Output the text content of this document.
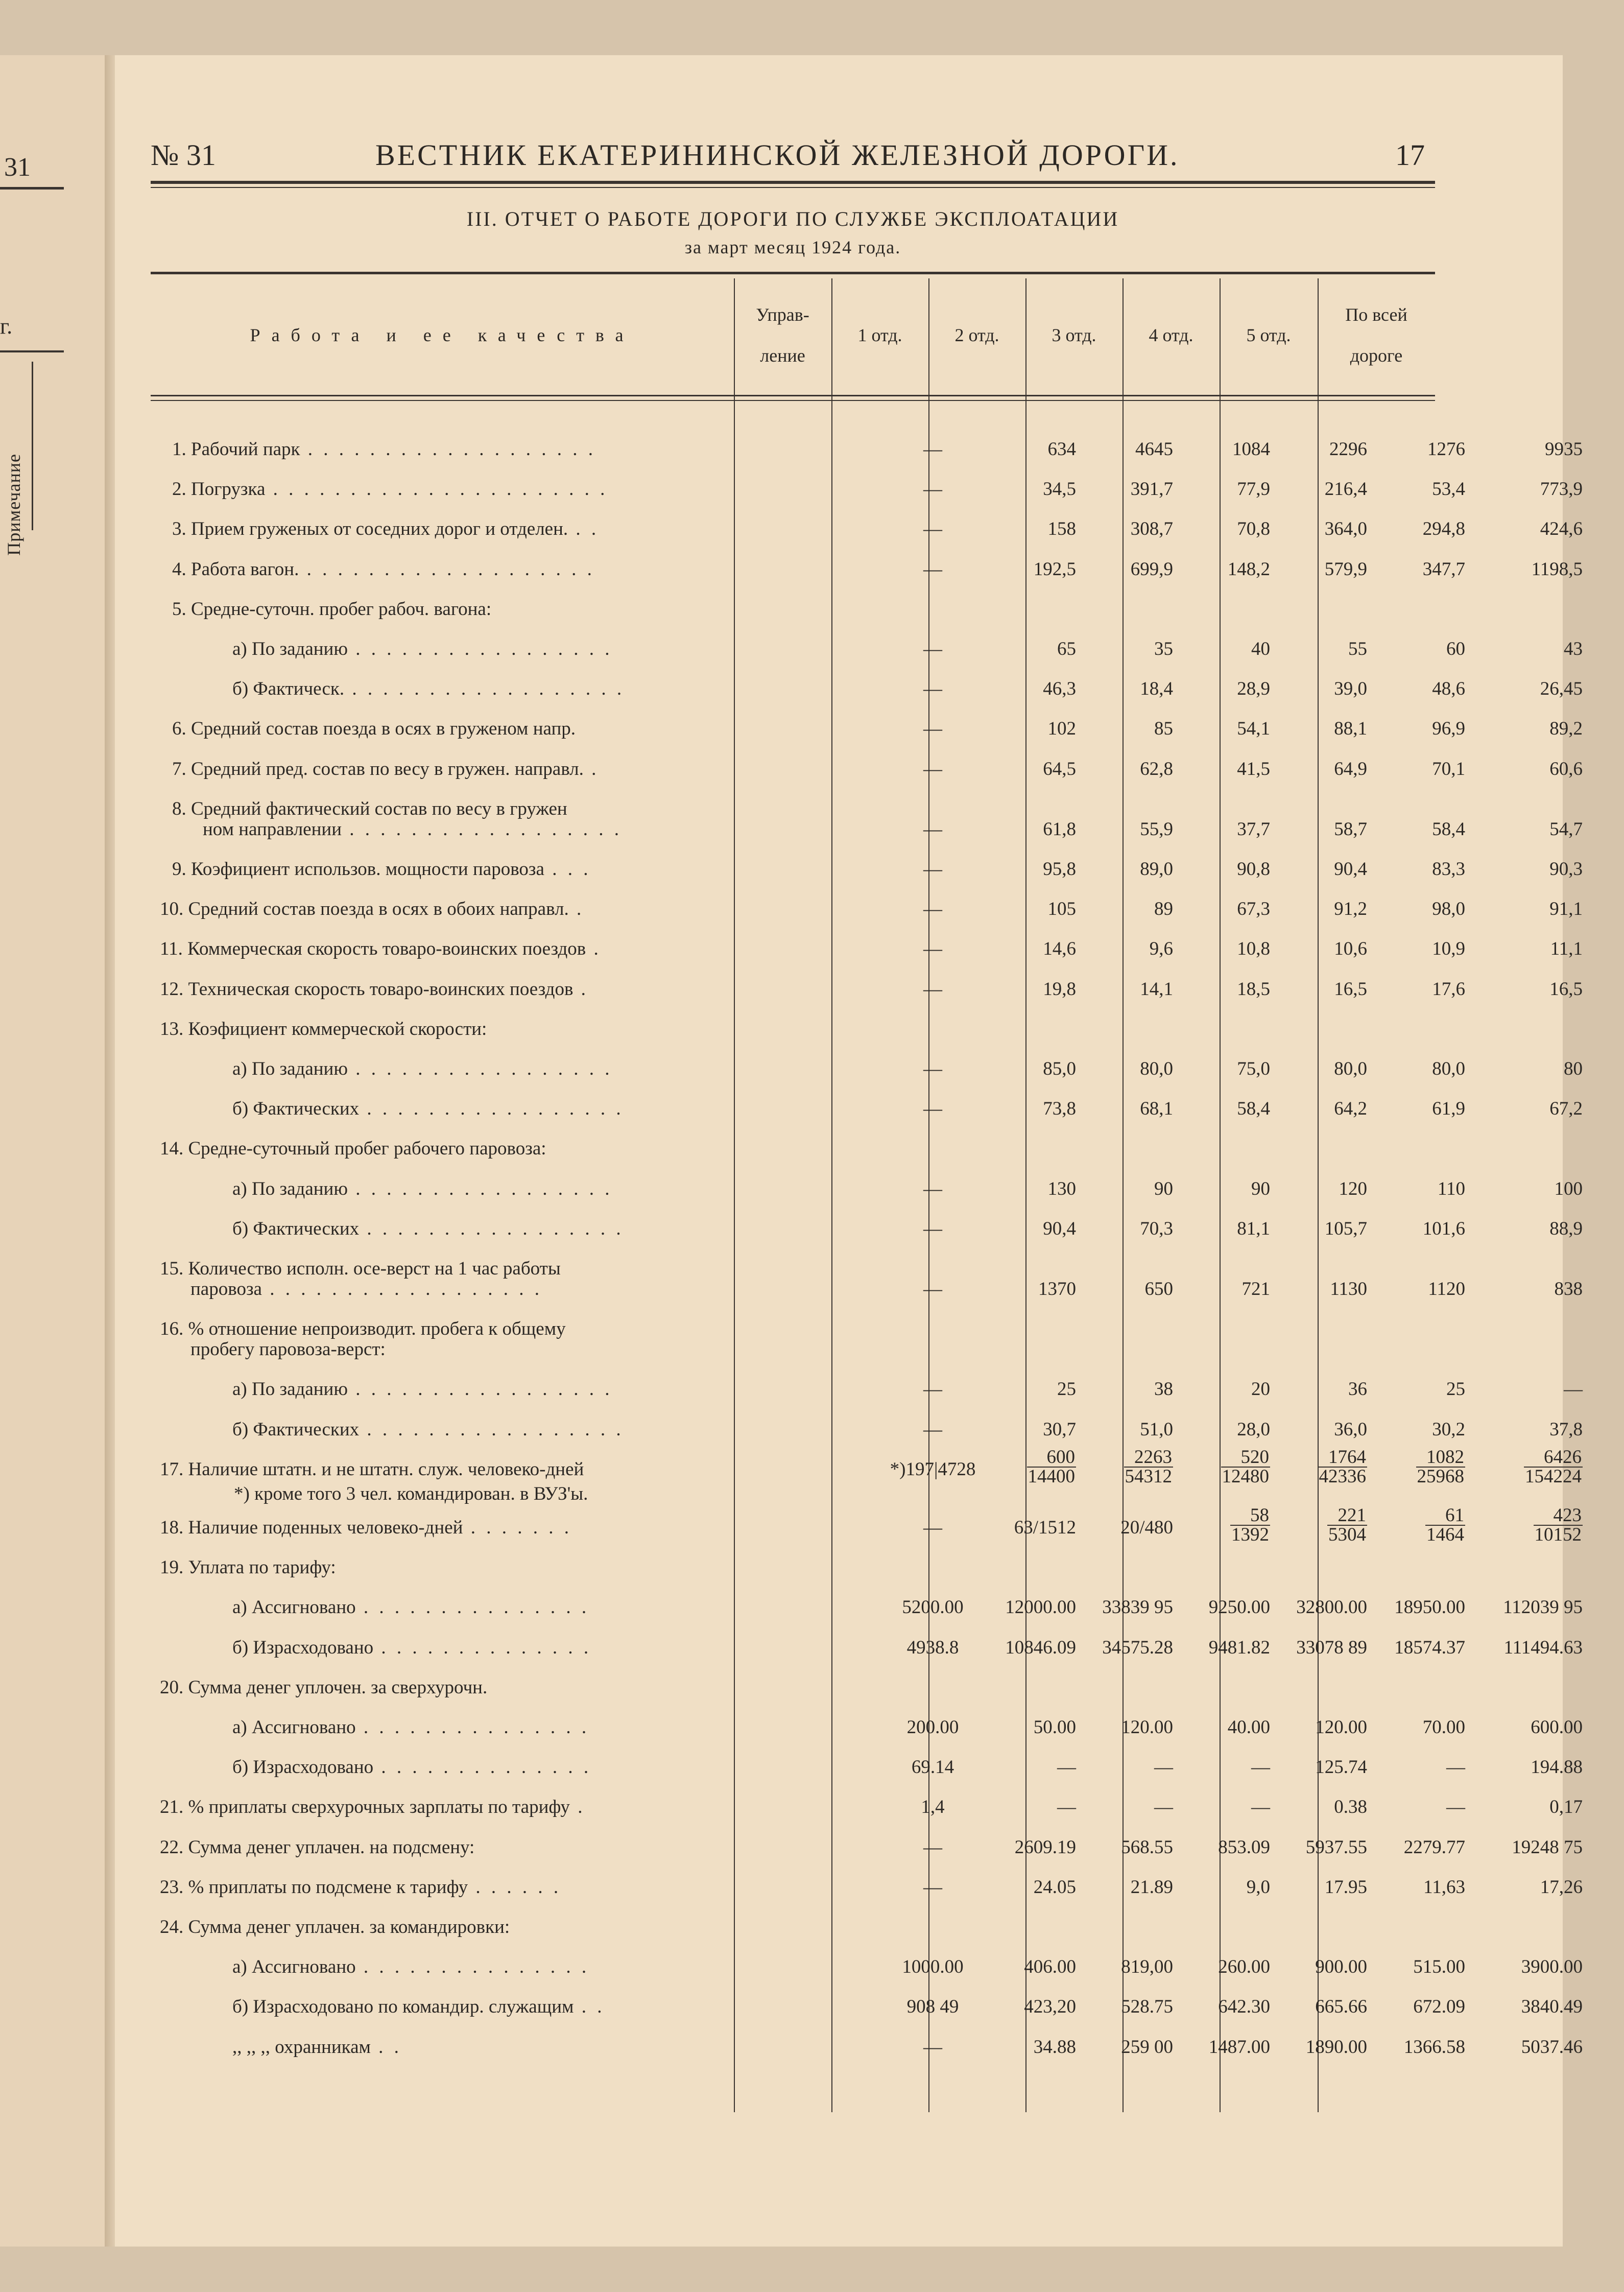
31
г.
Примечание
№ 31	ВЕСТНИК ЕКАТЕРИНИНСКОЙ ЖЕЛЕЗНОЙ ДОРОГИ.	17
III. ОТЧЕТ О РАБОТЕ ДОРОГИ ПО СЛУЖБЕ ЭКСПЛОАТАЦИИ
за март месяц 1924 года.
Работа и ее качества
Управ-
ление
1 отд.	2 отд.	3 отд.	4 отд.	5 отд.
По всей
дороге
1. Рабочий парк . . . . . . . . . . . . . . . . . . .	—	634	4645	1084	2296	1276	9935
2. Погрузка . . . . . . . . . . . . . . . . . . . . . .	—	34,5	391,7	77,9	216,4	53,4	773,9
3. Прием груженых от соседних дорог и отделен. . .	—	158	308,7	70,8	364,0	294,8	424,6
4. Работа вагон. . . . . . . . . . . . . . . . . . . .	—	192,5	699,9	148,2	579,9	347,7	1198,5
5. Средне-суточн. пробег рабоч. вагона:
а) По заданию . . . . . . . . . . . . . . . . .	—	65	35	40	55	60	43
б) Фактическ. . . . . . . . . . . . . . . . . . .	—	46,3	18,4	28,9	39,0	48,6	26,45
6. Средний состав поезда в осях в груженом напр.	—	102	85	54,1	88,1	96,9	89,2
7. Средний пред. состав по весу в гружен. направл. .	—	64,5	62,8	41,5	64,9	70,1	60,6
8. Средний фактический состав по весу в гружен
ном направлении . . . . . . . . . . . . . . . . . .	—	61,8	55,9	37,7	58,7	58,4	54,7
9. Коэфициент использов. мощности паровоза . . .	—	95,8	89,0	90,8	90,4	83,3	90,3
10. Средний состав поезда в осях в обоих направл. .	—	105	89	67,3	91,2	98,0	91,1
11. Коммерческая скорость товаро-воинских поездов .	—	14,6	9,6	10,8	10,6	10,9	11,1
12. Техническая скорость товаро-воинских поездов .	—	19,8	14,1	18,5	16,5	17,6	16,5
13. Коэфициент коммерческой скорости:
а) По заданию . . . . . . . . . . . . . . . . .	—	85,0	80,0	75,0	80,0	80,0	80
б) Фактических . . . . . . . . . . . . . . . . .	—	73,8	68,1	58,4	64,2	61,9	67,2
14. Средне-суточный пробег рабочего паровоза:
а) По заданию . . . . . . . . . . . . . . . . .	—	130	90	90	120	110	100
б) Фактических . . . . . . . . . . . . . . . . .	—	90,4	70,3	81,1	105,7	101,6	88,9
15. Количество исполн. осе-верст на 1 час работы
паровоза . . . . . . . . . . . . . . . . . .	—	1370	650	721	1130	1120	838
16. % отношение непроизводит. пробега к общему
пробегу паровоза-верст:
а) По заданию . . . . . . . . . . . . . . . . .	—	25	38	20	36	25	—
б) Фактических . . . . . . . . . . . . . . . . .	—	30,7	51,0	28,0	36,0	30,2	37,8
17. Наличие штатн. и не штатн. служ. человеко-дней	*)197|4728	$\frac{600}{14400}$	$\frac{2263}{54312}$	$\frac{520}{12480}$	$\frac{1764}{42336}$	$\frac{1082}{25968}$	$\frac{6426}{154224}$
18. Наличие поденных человеко-дней . . . . . . .	—	63/1512	20/480	$\frac{58}{1392}$	$\frac{221}{5304}$	$\frac{61}{1464}$	$\frac{423}{10152}$
19. Уплата по тарифу:
а) Ассигновано . . . . . . . . . . . . . . .	5200.00	12000.00	33839 95	9250.00	32800.00	18950.00	112039 95
б) Израсходовано . . . . . . . . . . . . . .	4938.8	10846.09	34575.28	9481.82	33078 89	18574.37	111494.63
20. Сумма денег уплочен. за сверхурочн.
а) Ассигновано . . . . . . . . . . . . . . .	200.00	50.00	120.00	40.00	120.00	70.00	600.00
б) Израсходовано . . . . . . . . . . . . . .	69.14	—	—	—	125.74	—	194.88
21. % приплаты сверхурочных зарплаты по тарифу .	1,4	—	—	—	0.38	—	0,17
22. Сумма денег уплачен. на подсмену:	—	2609.19	568.55	853.09	5937.55	2279.77	19248 75
23. % приплаты по подсмене к тарифу . . . . . .	—	24.05	21.89	9,0	17.95	11,63	17,26
24. Сумма денег уплачен. за командировки:
а) Ассигновано . . . . . . . . . . . . . . .	1000.00	406.00	819,00	260.00	900.00	515.00	3900.00
б) Израсходовано по командир. служащим . .	908 49	423,20	528.75	642.30	665.66	672.09	3840.49
,, ,, ,, охранникам . .	—	34.88	259 00	1487.00	1890.00	1366.58	5037.46
*) кроме того 3 чел. командирован. в ВУЗ'ы.
